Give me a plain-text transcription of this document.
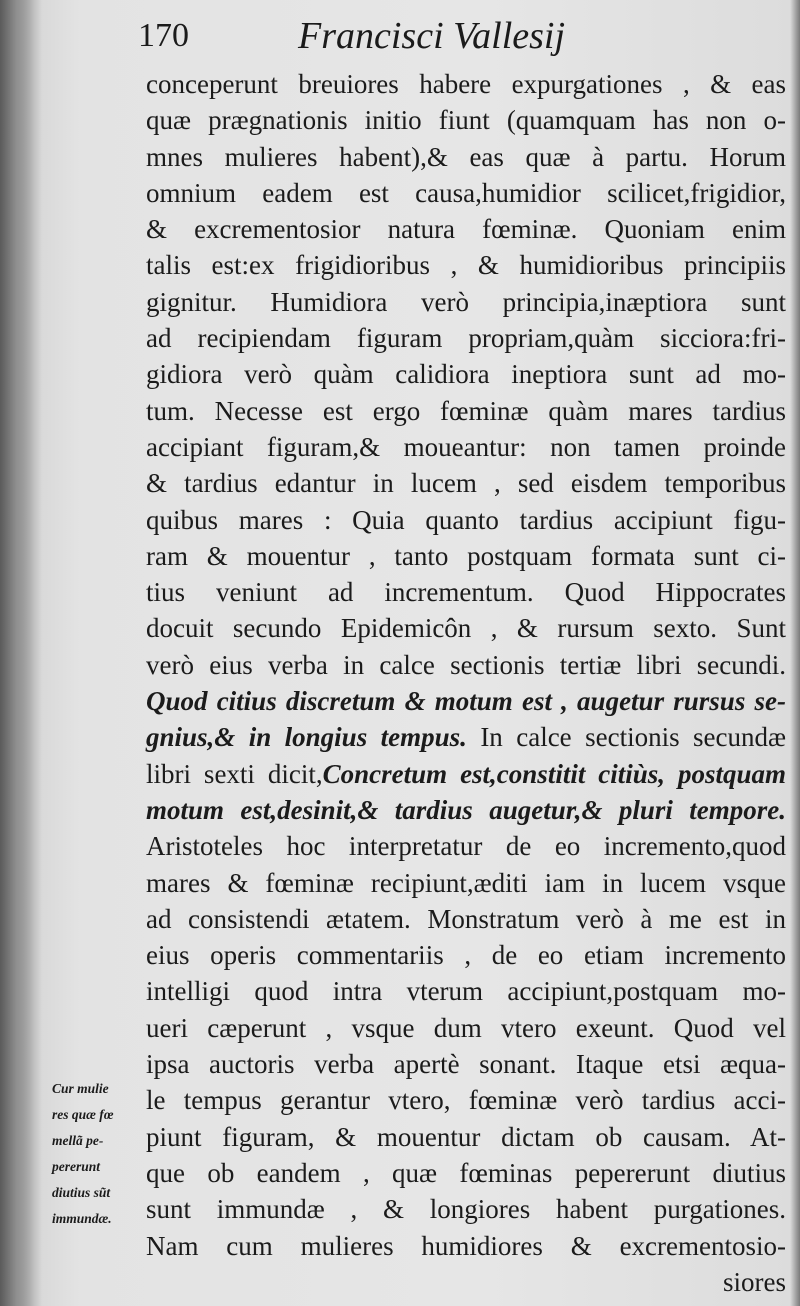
170	Francisci Vallesij
conceperunt breuiores habere expurgationes , & eas
quæ prægnationis initio fiunt (quamquam has non o-
mnes mulieres habent),& eas quæ à partu. Horum
omnium eadem est causa,humidior scilicet,frigidior,
& excrementosior natura fœminæ. Quoniam enim
talis est:ex frigidioribus , & humidioribus principiis
gignitur. Humidiora verò principia,inæptiora sunt
ad recipiendam figuram propriam,quàm sicciora:fri-
gidiora verò quàm calidiora ineptiora sunt ad mo-
tum. Necesse est ergo fœminæ quàm mares tardius
accipiant figuram,& moueantur: non tamen proinde
& tardius edantur in lucem , sed eisdem temporibus
quibus mares : Quia quanto tardius accipiunt figu-
ram & mouentur , tanto postquam formata sunt ci-
tius veniunt ad incrementum. Quod Hippocrates
docuit secundo Epidemicôn , & rursum sexto. Sunt
verò eius verba in calce sectionis tertiæ libri secundi.
Quod citius discretum & motum est , augetur rursus se-
gnius,& in longius tempus. In calce sectionis secundæ
libri sexti dicit,Concretum est,constitit citiùs, postquam
motum est,desinit,& tardius augetur,& pluri tempore.
Aristoteles hoc interpretatur de eo incremento,quod
mares & fœminæ recipiunt,æditi iam in lucem vsque
ad consistendi ætatem. Monstratum verò à me est in
eius operis commentariis , de eo etiam incremento
intelligi quod intra vterum accipiunt,postquam mo-
ueri cæperunt , vsque dum vtero exeunt. Quod vel
ipsa auctoris verba apertè sonant. Itaque etsi æqua-
le tempus gerantur vtero, fœminæ verò tardius acci-
piunt figuram, & mouentur dictam ob causam. At-
que ob eandem , quæ fœminas pepererunt diutius
sunt immundæ , & longiores habent purgationes.
Nam cum mulieres humidiores & excrementosio-
siores
Cur mulie
res quæ fœ
mellã pe-
pererunt
diutius sũt
immundæ.
